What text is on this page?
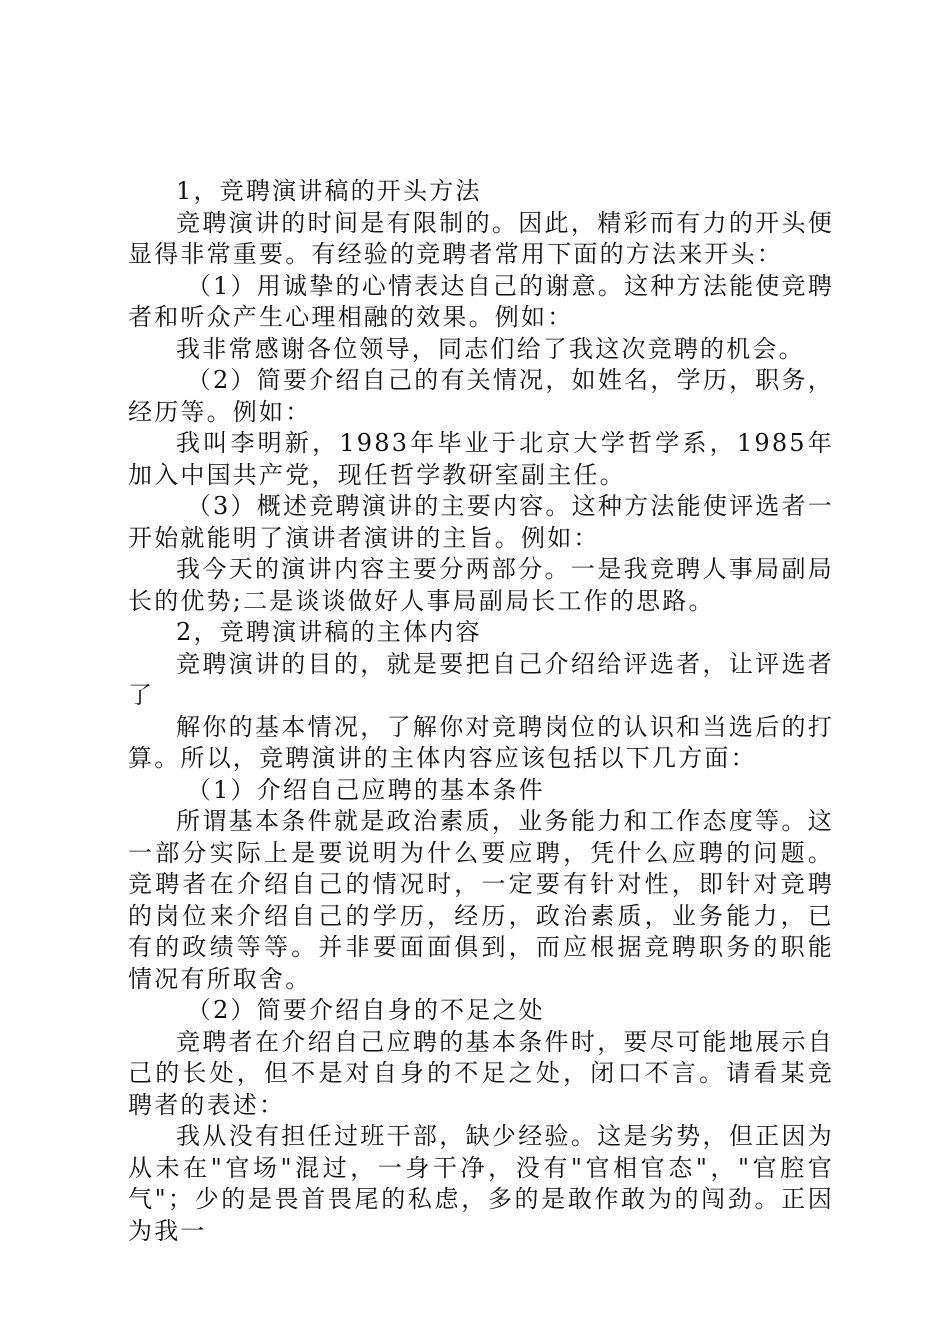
1，竞聘演讲稿的开头方法

竞聘演讲的时间是有限制的。因此，精彩而有力的开头便显得非常重要。有经验的竞聘者常用下面的方法来开头：

（1）用诚挚的心情表达自己的谢意。这种方法能使竞聘者和听众产生心理相融的效果。例如：

我非常感谢各位领导，同志们给了我这次竞聘的机会。

（2）简要介绍自己的有关情况，如姓名，学历，职务，经历等。例如：

我叫李明新，1983年毕业于北京大学哲学系，1985年加入中国共产党，现任哲学教研室副主任。

（3）概述竞聘演讲的主要内容。这种方法能使评选者一开始就能明了演讲者演讲的主旨。例如：

我今天的演讲内容主要分两部分。一是我竞聘人事局副局长的优势;二是谈谈做好人事局副局长工作的思路。

2，竞聘演讲稿的主体内容

竞聘演讲的目的，就是要把自己介绍给评选者，让评选者了

解你的基本情况，了解你对竞聘岗位的认识和当选后的打算。所以，竞聘演讲的主体内容应该包括以下几方面：

（1）介绍自己应聘的基本条件

所谓基本条件就是政治素质，业务能力和工作态度等。这一部分实际上是要说明为什么要应聘，凭什么应聘的问题。竞聘者在介绍自己的情况时，一定要有针对性，即针对竞聘的岗位来介绍自己的学历，经历，政治素质，业务能力，已有的政绩等等。并非要面面俱到，而应根据竞聘职务的职能情况有所取舍。

（2）简要介绍自身的不足之处

竞聘者在介绍自己应聘的基本条件时，要尽可能地展示自己的长处，但不是对自身的不足之处，闭口不言。请看某竞聘者的表述：

我从没有担任过班干部，缺少经验。这是劣势，但正因为从未在"官场"混过，一身干净，没有"官相官态"，"官腔官气"；少的是畏首畏尾的私虑，多的是敢作敢为的闯劲。正因为我一
